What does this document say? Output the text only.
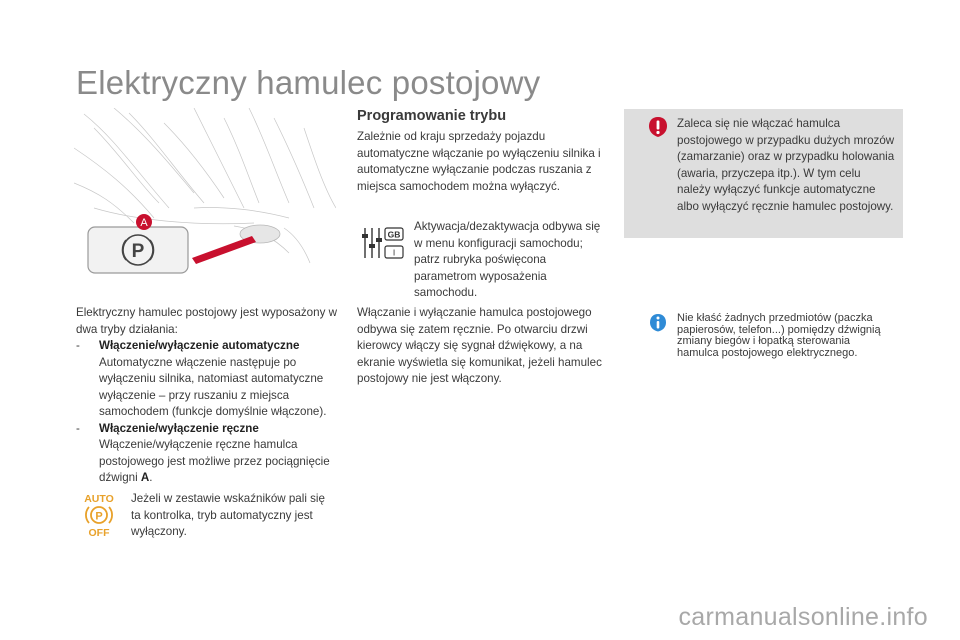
Elektryczny hamulec postojowy
P
A
Elektryczny hamulec postojowy jest wyposażony w dwa tryby działania:
- Włączenie/wyłączenie automatyczne
Automatyczne włączenie następuje po wyłączeniu silnika, natomiast automatyczne wyłączenie – przy ruszaniu z miejsca samochodem (funkcje domyślnie włączone).
- Włączenie/wyłączenie ręczne
Włączenie/wyłączenie ręczne hamulca postojowego jest możliwe przez pociągnięcie dźwigni A.
AUTO
P
OFF
Jeżeli w zestawie wskaźników pali się ta kontrolka, tryb automatyczny jest wyłączony.
Programowanie trybu
Zależnie od kraju sprzedaży pojazdu automatyczne włączanie po wyłączeniu silnika i automatyczne wyłączanie podczas ruszania z miejsca samochodem można wyłączyć.
GB
I
Aktywacja/dezaktywacja odbywa się w menu konfiguracji samochodu; patrz rubryka poświęcona parametrom wyposażenia samochodu.
Włączanie i wyłączanie hamulca postojowego odbywa się zatem ręcznie. Po otwarciu drzwi kierowcy włączy się sygnał dźwiękowy, a na ekranie wyświetla się komunikat, jeżeli hamulec postojowy nie jest włączony.
Zaleca się nie włączać hamulca postojowego w przypadku dużych mrozów (zamarzanie) oraz w przypadku holowania (awaria, przyczepa itp.). W tym celu należy wyłączyć funkcje automatyczne albo wyłączyć ręcznie hamulec postojowy.
Nie kłaść żadnych przedmiotów (paczka papierosów, telefon...) pomiędzy dźwignią zmiany biegów i łopatką sterowania hamulca postojowego elektrycznego.
carmanualsonline.info
